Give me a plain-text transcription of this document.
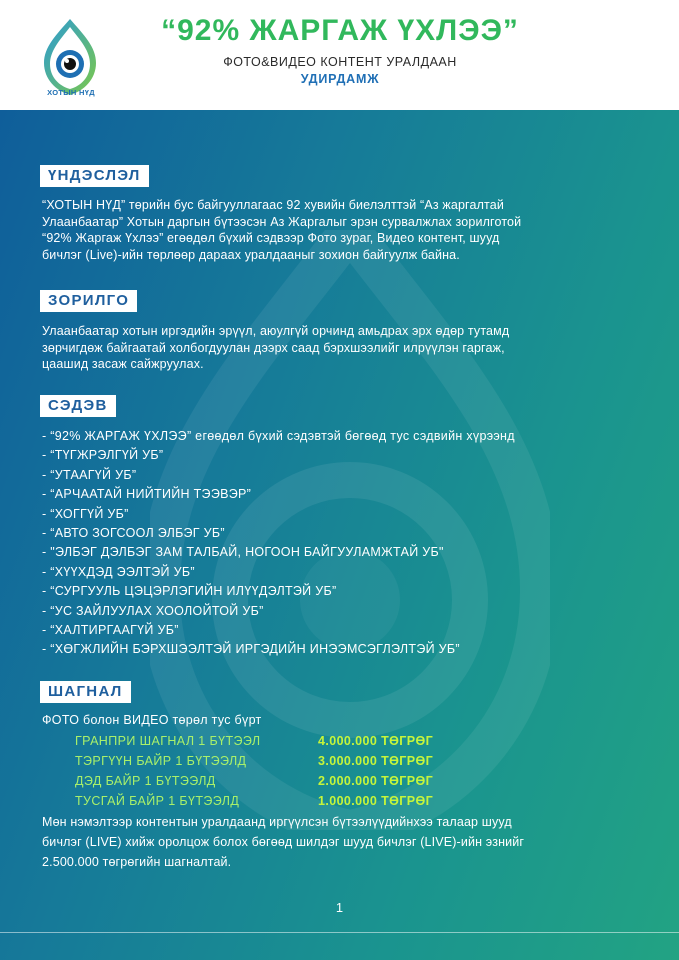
ХОТЫН НҮД
“92% ЖАРГАЖ ҮХЛЭЭ”
ФОТО&ВИДЕО КОНТЕНТ УРАЛДААН
УДИРДАМЖ
ҮНДЭСЛЭЛ
“ХОТЫН НҮД” төрийн бус байгууллагаас 92 хувийн биелэлттэй “Аз жаргалтай
Улаанбаатар” Хотын даргын бүтээсэн Аз Жаргалыг эрэн сурвалжлах зорилготой
“92% Жаргаж Үхлээ” егөөдөл бүхий сэдвээр Фото зураг, Видео контент, шууд
бичлэг (Live)-ийн төрлөөр дараах уралдааныг зохион байгуулж байна.
ЗОРИЛГО
Улаанбаатар хотын иргэдийн эрүүл, аюулгүй орчинд амьдрах эрх өдөр тутамд
зөрчигдөж байгаатай холбогдуулан дээрх саад бэрхшээлийг илрүүлэн гаргаж,
цаашид засаж сайжруулах.
СЭДЭВ
- “92% ЖАРГАЖ ҮХЛЭЭ” егөөдөл бүхий сэдэвтэй бөгөөд тус сэдвийн хүрээнд
- “ТҮГЖРЭЛГҮЙ УБ”
- “УТААГҮЙ УБ”
- “АРЧААТАЙ НИЙТИЙН ТЭЭВЭР”
- “ХОГГҮЙ УБ”
- “АВТО ЗОГСООЛ ЭЛБЭГ УБ”
- "ЭЛБЭГ ДЭЛБЭГ ЗАМ ТАЛБАЙ, НОГООН БАЙГУУЛАМЖТАЙ УБ"
- “ХҮҮХДЭД ЭЭЛТЭЙ УБ”
- “СУРГУУЛЬ ЦЭЦЭРЛЭГИЙН ИЛҮҮДЭЛТЭЙ УБ”
- “УС ЗАЙЛУУЛАХ ХООЛОЙТОЙ УБ”
- “ХАЛТИРГААГҮЙ УБ”
- “ХӨГЖЛИЙН БЭРХШЭЭЛТЭЙ ИРГЭДИЙН ИНЭЭМСЭГЛЭЛТЭЙ УБ”
ШАГНАЛ
ФОТО болон ВИДЕО төрөл тус бүрт
ГРАНПРИ ШАГНАЛ 1 БҮТЭЭЛ	4.000.000 ТӨГРӨГ
ТЭРГҮҮН БАЙР 1 БҮТЭЭЛД	3.000.000 ТӨГРӨГ
ДЭД БАЙР 1 БҮТЭЭЛД	2.000.000 ТӨГРӨГ
ТУСГАЙ БАЙР 1 БҮТЭЭЛД	1.000.000 ТӨГРӨГ
Мөн нэмэлтээр контентын уралдаанд иргүүлсэн бүтээлүүдийнхээ талаар шууд
бичлэг (LIVE) хийж оролцож болох бөгөөд шилдэг шууд бичлэг (LIVE)-ийн эзнийг
2.500.000 төгрөгийн шагналтай.
1
